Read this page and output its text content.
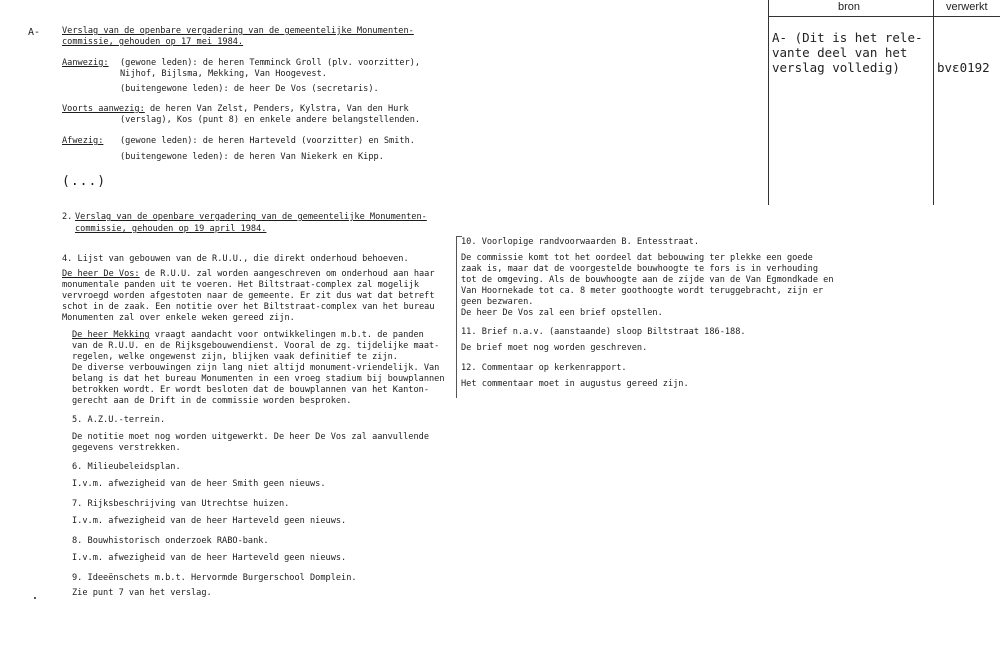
A-	Verslag van de openbare vergadering van de gemeentelijke Monumenten-
commissie, gehouden op 17 mei 1984.
Aanwezig: (gewone leden): de heren Temminck Groll (plv. voorzitter),
Nijhof, Bijlsma, Mekking, Van Hoogevest.
(buitengewone leden): de heer De Vos (secretaris).
Voorts aanwezig: de heren Van Zelst, Penders, Kylstra, Van den Hurk
(verslag), Kos (punt 8) en enkele andere belangstellenden.
Afwezig: (gewone leden): de heren Harteveld (voorzitter) en Smith.
(buitengewone leden): de heren Van Niekerk en Kipp.
(...)
2. Verslag van de openbare vergadering van de gemeentelijke Monumenten-
commissie, gehouden op 19 april 1984.
4. Lijst van gebouwen van de R.U.U., die direkt onderhoud behoeven.
De heer De Vos: de R.U.U. zal worden aangeschreven om onderhoud aan haar
monumentale panden uit te voeren. Het Biltstraat-complex zal mogelijk
vervroegd worden afgestoten naar de gemeente. Er zit dus wat dat betreft
schot in de zaak. Een notitie over het Biltstraat-complex van het bureau
Monumenten zal over enkele weken gereed zijn.
De heer Mekking vraagt aandacht voor ontwikkelingen m.b.t. de panden
van de R.U.U. en de Rijksgebouwendienst. Vooral de zg. tijdelijke maat-
regelen, welke ongewenst zijn, blijken vaak definitief te zijn.
De diverse verbouwingen zijn lang niet altijd monument-vriendelijk. Van
belang is dat het bureau Monumenten in een vroeg stadium bij bouwplannen
betrokken wordt. Er wordt besloten dat de bouwplannen van het Kanton-
gerecht aan de Drift in de commissie worden besproken.
5. A.Z.U.-terrein.
De notitie moet nog worden uitgewerkt. De heer De Vos zal aanvullende
gegevens verstrekken.
6. Milieubeleidsplan.
I.v.m. afwezigheid van de heer Smith geen nieuws.
7. Rijksbeschrijving van Utrechtse huizen.
I.v.m. afwezigheid van de heer Harteveld geen nieuws.
8. Bouwhistorisch onderzoek RABO-bank.
I.v.m. afwezigheid van de heer Harteveld geen nieuws.
9. Ideeënschets m.b.t. Hervormde Burgerschool Domplein.
Zie punt 7 van het verslag.
10. Voorlopige randvoorwaarden B. Entesstraat.
De commissie komt tot het oordeel dat bebouwing ter plekke een goede
zaak is, maar dat de voorgestelde bouwhoogte te fors is in verhouding
tot de omgeving. Als de bouwhoogte aan de zijde van de Van Egmondkade en
Van Hoornekade tot ca. 8 meter goothoogte wordt teruggebracht, zijn er
geen bezwaren.
De heer De Vos zal een brief opstellen.
11. Brief n.a.v. (aanstaande) sloop Biltstraat 186-188.
De brief moet nog worden geschreven.
12. Commentaar op kerkenrapport.
Het commentaar moet in augustus gereed zijn.
bron	verwerkt
A- (Dit is het rele-
vante deel van het
verslag volledig)	bvε0192
